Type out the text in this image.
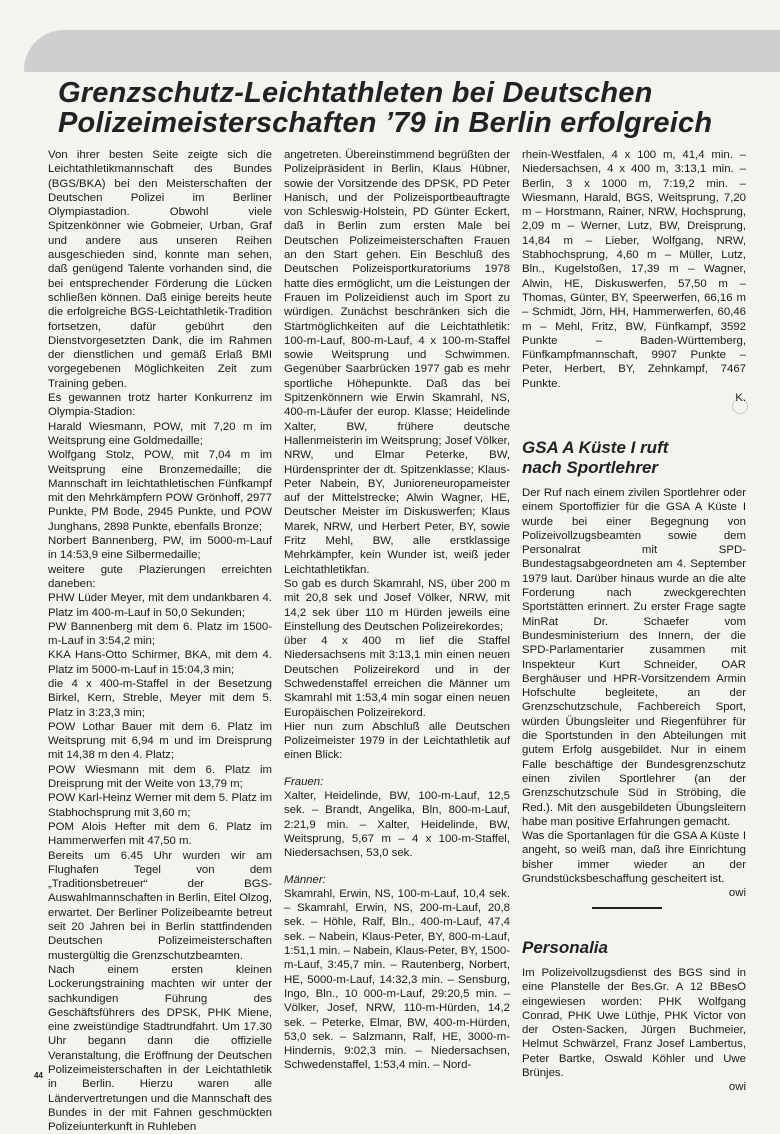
Grenzschutz-Leichtathleten bei Deutschen
Polizeimeisterschaften ’79 in Berlin erfolgreich

Von ihrer besten Seite zeigte sich die Leichtathletikmannschaft des Bundes (BGS/BKA) bei den Meisterschaften der Deutschen Polizei im Berliner Olympiastadion. Obwohl viele Spitzenkönner wie Gobmeier, Urban, Graf und andere aus unseren Reihen ausgeschieden sind, konnte man sehen, daß genügend Talente vorhanden sind, die bei entsprechender Förderung die Lücken schließen können. Daß einige bereits heute die erfolgreiche BGS-Leichtathletik-Tradition fortsetzen, dafür gebührt den Dienstvorgesetzten Dank, die im Rahmen der dienstlichen und gemäß Erlaß BMI vorgegebenen Möglichkeiten Zeit zum Training geben.

Es gewannen trotz harter Konkurrenz im Olympia-Stadion:

Harald Wiesmann, POW, mit 7,20 m im Weitsprung eine Goldmedaille;

Wolfgang Stolz, POW, mit 7,04 m im Weitsprung eine Bronzemedaille; die Mannschaft im leichtathletischen Fünfkampf mit den Mehrkämpfern POW Grönhoff, 2977 Punkte, PM Bode, 2945 Punkte, und POW Junghans, 2898 Punkte, ebenfalls Bronze;

Norbert Bannenberg, PW, im 5000-m-Lauf in 14:53,9 eine Silbermedaille;

weitere gute Plazierungen erreichten daneben:

PHW Lüder Meyer, mit dem undankbaren 4. Platz im 400-m-Lauf in 50,0 Sekunden;

PW Bannenberg mit dem 6. Platz im 1500-m-Lauf in 3:54,2 min;

KKA Hans-Otto Schirmer, BKA, mit dem 4. Platz im 5000-m-Lauf in 15:04,3 min;

die 4 x 400-m-Staffel in der Besetzung Birkel, Kern, Streble, Meyer mit dem 5. Platz in 3:23,3 min;

POW Lothar Bauer mit dem 6. Platz im Weitsprung mit 6,94 m und im Dreisprung mit 14,38 m den 4. Platz;

POW Wiesmann mit dem 6. Platz im Dreisprung mit der Weite von 13,79 m;

POW Karl-Heinz Werner mit dem 5. Platz im Stabhochsprung mit 3,60 m;

POM Alois Hefter mit dem 6. Platz im Hammerwerfen mit 47,50 m.

Bereits um 6.45 Uhr wurden wir am Flughafen Tegel von dem „Traditionsbetreuer“ der BGS-Auswahlmannschaften in Berlin, Eitel Olzog, erwartet. Der Berliner Polizeibeamte betreut seit 20 Jahren bei in Berlin stattfindenden Deutschen Polizeimeisterschaften mustergültig die Grenzschutzbeamten.

Nach einem ersten kleinen Lockerungstraining machten wir unter der sachkundigen Führung des Geschäftsführers des DPSK, PHK Miene, eine zweistündige Stadtrundfahrt. Um 17.30 Uhr begann dann die offizielle Veranstaltung, die Eröffnung der Deutschen Polizeimeisterschaften in der Leichtathletik in Berlin. Hierzu waren alle Ländervertretungen und die Mannschaft des Bundes in der mit Fahnen geschmückten Polizeiunterkunft in Ruhleben

angetreten. Übereinstimmend begrüßten der Polizeipräsident in Berlin, Klaus Hübner, sowie der Vorsitzende des DPSK, PD Peter Hanisch, und der Polizeisportbeauftragte von Schleswig-Holstein, PD Günter Eckert, daß in Berlin zum ersten Male bei Deutschen Polizeimeisterschaften Frauen an den Start gehen. Ein Beschluß des Deutschen Polizeisportkuratoriums 1978 hatte dies ermöglicht, um die Leistungen der Frauen im Polizeidienst auch im Sport zu würdigen. Zunächst beschränken sich die Startmöglichkeiten auf die Leichtathletik: 100-m-Lauf, 800-m-Lauf, 4 x 100-m-Staffel sowie Weitsprung und Schwimmen. Gegenüber Saarbrücken 1977 gab es mehr sportliche Höhepunkte. Daß das bei Spitzenkönnern wie Erwin Skamrahl, NS, 400-m-Läufer der europ. Klasse; Heidelinde Xalter, BW, frühere deutsche Hallenmeisterin im Weitsprung; Josef Völker, NRW, und Elmar Peterke, BW, Hürdensprinter der dt. Spitzenklasse; Klaus-Peter Nabein, BY, Junioreneuropameister auf der Mittelstrecke; Alwin Wagner, HE, Deutscher Meister im Diskuswerfen; Klaus Marek, NRW, und Herbert Peter, BY, sowie Fritz Mehl, BW, alle erstklassige Mehrkämpfer, kein Wunder ist, weiß jeder Leichtathletikfan.

So gab es durch Skamrahl, NS, über 200 m mit 20,8 sek und Josef Völker, NRW, mit 14,2 sek über 110 m Hürden jeweils eine Einstellung des Deutschen Polizeirekordes;

über 4 x 400 m lief die Staffel Niedersachsens mit 3:13,1 min einen neuen Deutschen Polizeirekord und in der Schwedenstaffel erreichen die Männer um Skamrahl mit 1:53,4 min sogar einen neuen Europäischen Polizeirekord.

Hier nun zum Abschluß alle Deutschen Polizeimeister 1979 in der Leichtathletik auf einen Blick:

Frauen:

Xalter, Heidelinde, BW, 100-m-Lauf, 12,5 sek. – Brandt, Angelika, Bln, 800-m-Lauf, 2:21,9 min. – Xalter, Heidelinde, BW, Weitsprung, 5,67 m – 4 x 100-m-Staffel, Niedersachsen, 53,0 sek.

Männer:

Skamrahl, Erwin, NS, 100-m-Lauf, 10,4 sek. – Skamrahl, Erwin, NS, 200-m-Lauf, 20,8 sek. – Höhle, Ralf, Bln., 400-m-Lauf, 47,4 sek. – Nabein, Klaus-Peter, BY, 800-m-Lauf, 1:51,1 min. – Nabein, Klaus-Peter, BY, 1500-m-Lauf, 3:45,7 min. – Rautenberg, Norbert, HE, 5000-m-Lauf, 14:32,3 min. – Sensburg, Ingo, Bln., 10 000-m-Lauf, 29:20,5 min. – Völker, Josef, NRW, 110-m-Hürden, 14,2 sek. – Peterke, Elmar, BW, 400-m-Hürden, 53,0 sek. – Salzmann, Ralf, HE, 3000-m-Hindernis, 9:02,3 min. – Niedersachsen, Schwedenstaffel, 1:53,4 min. – Nord-

rhein-Westfalen, 4 x 100 m, 41,4 min. – Niedersachsen, 4 x 400 m, 3:13,1 min. – Berlin, 3 x 1000 m, 7:19,2 min. – Wiesmann, Harald, BGS, Weitsprung, 7,20 m – Horstmann, Rainer, NRW, Hochsprung, 2,09 m – Werner, Lutz, BW, Dreisprung, 14,84 m – Lieber, Wolfgang, NRW, Stabhochsprung, 4,60 m – Müller, Lutz, Bln., Kugelstoßen, 17,39 m – Wagner, Alwin, HE, Diskuswerfen, 57,50 m – Thomas, Günter, BY, Speerwerfen, 66,16 m – Schmidt, Jörn, HH, Hammerwerfen, 60,46 m – Mehl, Fritz, BW, Fünfkampf, 3592 Punkte – Baden-Württemberg, Fünfkampfmannschaft, 9907 Punkte – Peter, Herbert, BY, Zehnkampf, 7467 Punkte.

K.

GSA A Küste I ruft
nach Sportlehrer

Der Ruf nach einem zivilen Sportlehrer oder einem Sportoffizier für die GSA A Küste I wurde bei einer Begegnung von Polizeivollzugsbeamten sowie dem Personalrat mit SPD-Bundestagsabgeordneten am 4. September 1979 laut. Darüber hinaus wurde an die alte Forderung nach zweckgerechten Sportstätten erinnert. Zu erster Frage sagte MinRat Dr. Schaefer vom Bundesministerium des Innern, der die SPD-Parlamentarier zusammen mit Inspekteur Kurt Schneider, OAR Berghäuser und HPR-Vorsitzendem Armin Hofschulte begleitete, an der Grenzschutzschule, Fachbereich Sport, würden Übungsleiter und Riegenführer für die Sportstunden in den Abteilungen mit gutem Erfolg ausgebildet. Nur in einem Falle beschäftige der Bundesgrenzschutz einen zivilen Sportlehrer (an der Grenzschutzschule Süd in Ströbing, die Red.). Mit den ausgebildeten Übungsleitern habe man positive Erfahrungen gemacht.

Was die Sportanlagen für die GSA A Küste I angeht, so weiß man, daß ihre Einrichtung bisher immer wieder an der Grundstücksbeschaffung gescheitert ist.

owi

Personalia

Im Polizeivollzugsdienst des BGS sind in eine Planstelle der Bes.Gr. A 12 BBesO eingewiesen worden: PHK Wolfgang Conrad, PHK Uwe Lüthje, PHK Victor von der Osten-Sacken, Jürgen Buchmeier, Helmut Schwärzel, Franz Josef Lambertus, Peter Bartke, Oswald Köhler und Uwe Brünjes.

owi

44
